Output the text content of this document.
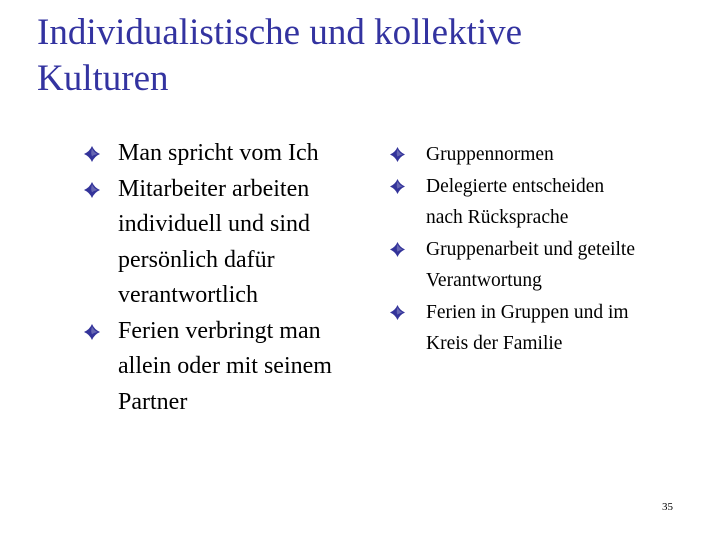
Individualistische und kollektive
Kulturen
Man spricht vom Ich
Mitarbeiter arbeiten
individuell und sind
persönlich dafür
verantwortlich
Ferien verbringt man
allein oder mit seinem
Partner
Gruppennormen
Delegierte entscheiden
nach Rücksprache
Gruppenarbeit und geteilte
Verantwortung
Ferien in Gruppen und im
Kreis der Familie
35
